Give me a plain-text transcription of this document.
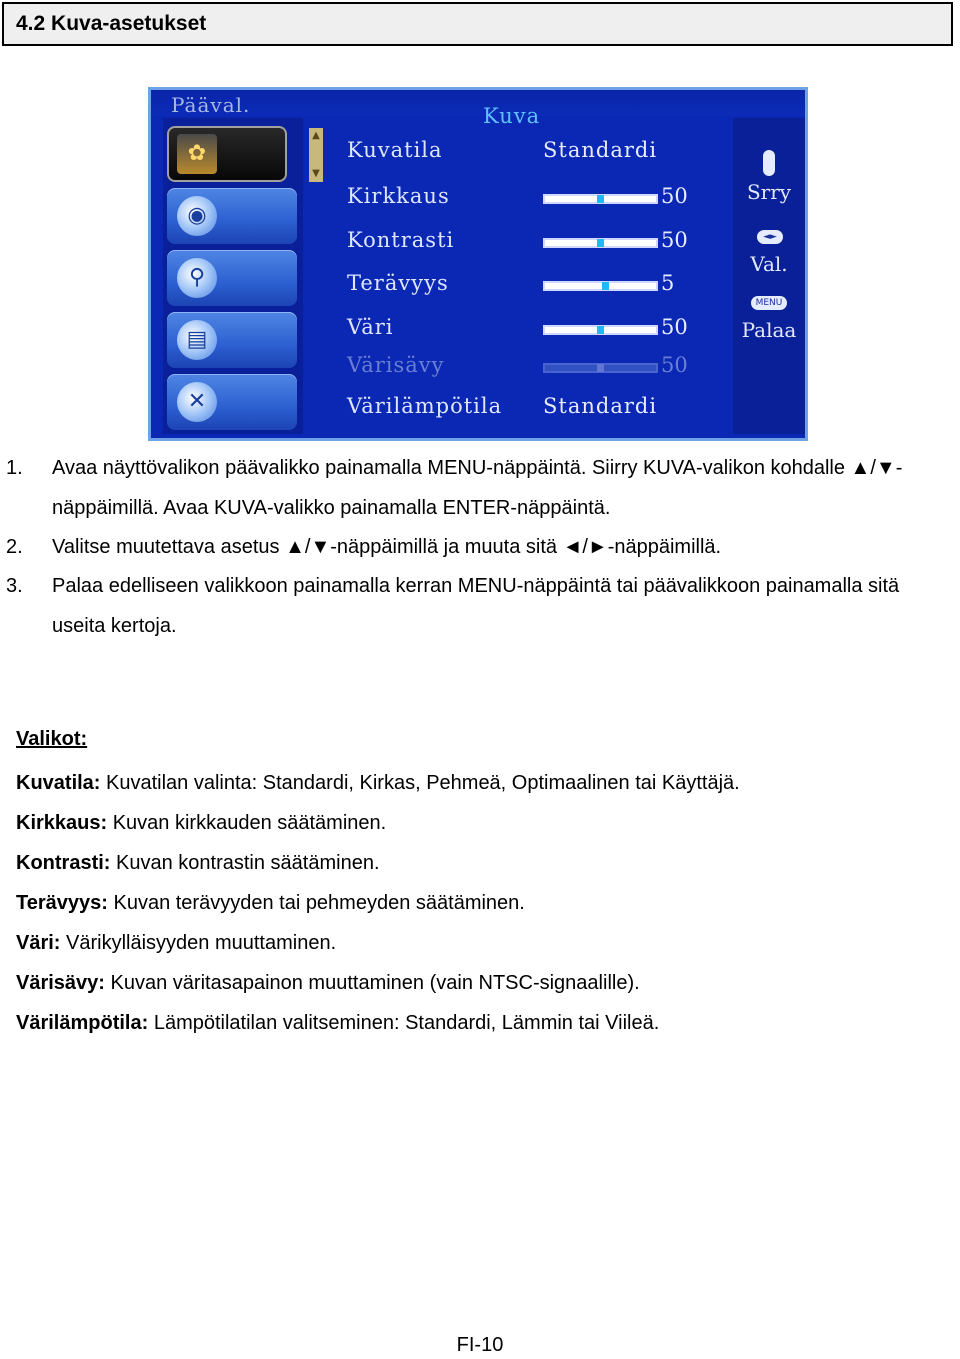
4.2 Kuva-asetukset
Pääval.	Kuva
✿
◉
⚲
▤
✕
▲
▼
Kuvatila	Standardi
Kirkkaus	50
Kontrasti	50
Terävyys	5
Väri	50
Värisävy	50
Värilämpötila Standardi
Srry
◄►
Val.
MENU
Palaa
1. Avaa näyttövalikon päävalikko painamalla MENU-näppäintä. Siirry KUVA-valikon kohdalle ▲/▼-näppäimillä. Avaa KUVA-valikko painamalla ENTER-näppäintä.
2. Valitse muutettava asetus ▲/▼-näppäimillä ja muuta sitä ◄/►-näppäimillä.
3. Palaa edelliseen valikkoon painamalla kerran MENU-näppäintä tai päävalikkoon painamalla sitä useita kertoja.
Valikot:
Kuvatila: Kuvatilan valinta: Standardi, Kirkas, Pehmeä, Optimaalinen tai Käyttäjä.
Kirkkaus: Kuvan kirkkauden säätäminen.
Kontrasti: Kuvan kontrastin säätäminen.
Terävyys: Kuvan terävyyden tai pehmeyden säätäminen.
Väri: Värikylläisyyden muuttaminen.
Värisävy: Kuvan väritasapainon muuttaminen (vain NTSC-signaalille).
Värilämpötila: Lämpötilatilan valitseminen: Standardi, Lämmin tai Viileä.
FI-10
